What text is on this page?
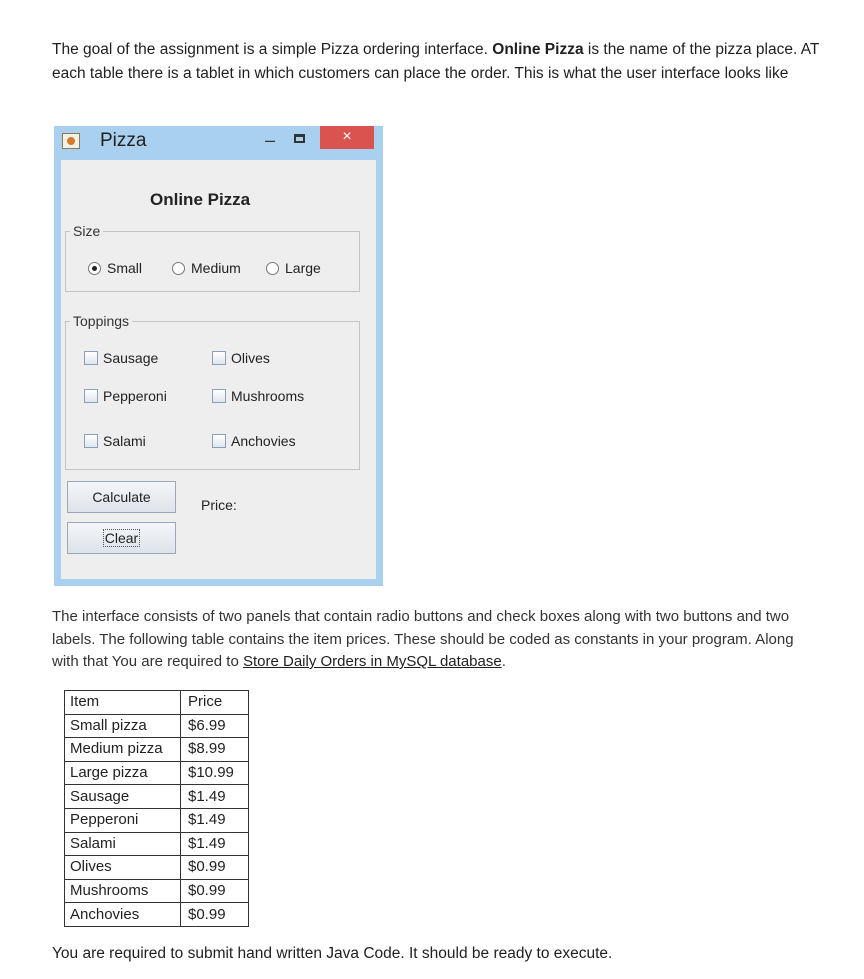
The goal of the assignment is a simple Pizza ordering interface. Online Pizza is the name of the pizza place. AT each table there is a tablet in which customers can place the order. This is what the user interface looks like

Pizza	–	×
Online Pizza
Size
Small	Medium	Large
Toppings
Sausage	Olives
Pepperoni	Mushrooms
Salami	Anchovies
Calculate	Price:
Clear

The interface consists of two panels that contain radio buttons and check boxes along with two buttons and two labels. The following table contains the item prices. These should be coded as constants in your program. Along with that You are required to Store Daily Orders in MySQL database.

Item	Price
Small pizza	$6.99
Medium pizza	$8.99
Large pizza	$10.99
Sausage	$1.49
Pepperoni	$1.49
Salami	$1.49
Olives	$0.99
Mushrooms	$0.99
Anchovies	$0.99

You are required to submit hand written Java Code. It should be ready to execute.
